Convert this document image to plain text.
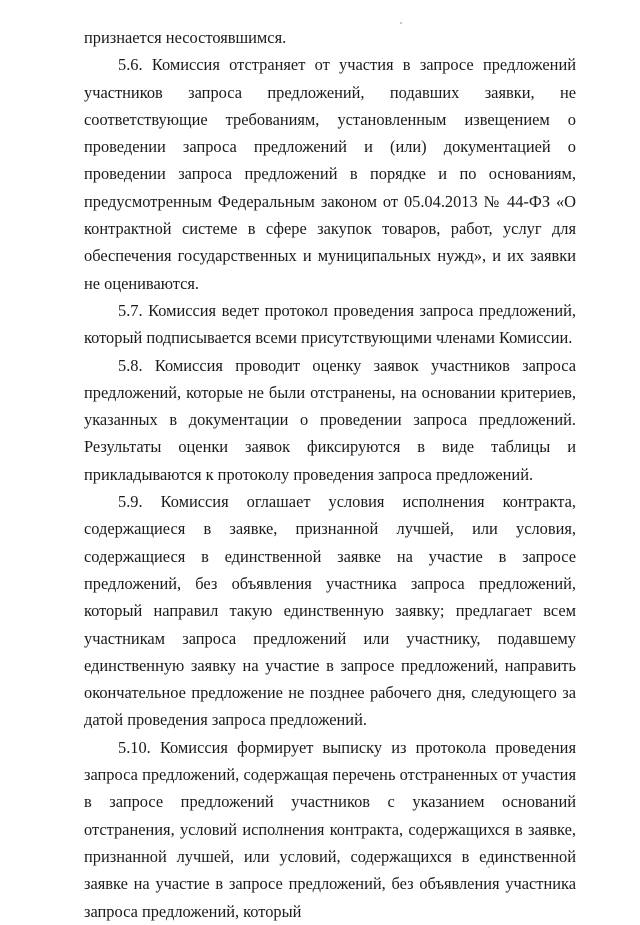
признается несостоявшимся.

5.6. Комиссия отстраняет от участия в запросе предложений участников запроса предложений, подавших заявки, не соответствующие требованиям, установленным извещением о проведении запроса предложений и (или) документацией о проведении запроса предложений в порядке и по основаниям, предусмотренным Федеральным законом от 05.04.2013 № 44-ФЗ «О контрактной системе в сфере закупок товаров, работ, услуг для обеспечения государственных и муниципальных нужд», и их заявки не оцениваются.

5.7. Комиссия ведет протокол проведения запроса предложений, который подписывается всеми присутствующими членами Комиссии.

5.8. Комиссия проводит оценку заявок участников запроса предложений, которые не были отстранены, на основании критериев, указанных в документации о проведении запроса предложений. Результаты оценки заявок фиксируются в виде таблицы и прикладываются к протоколу проведения запроса предложений.

5.9. Комиссия оглашает условия исполнения контракта, содержащиеся в заявке, признанной лучшей, или условия, содержащиеся в единственной заявке на участие в запросе предложений, без объявления участника запроса предложений, который направил такую единственную заявку; предлагает всем участникам запроса предложений или участнику, подавшему единственную заявку на участие в запросе предложений, направить окончательное предложение не позднее рабочего дня, следующего за датой проведения запроса предложений.

5.10. Комиссия формирует выписку из протокола проведения запроса предложений, содержащая перечень отстраненных от участия в запросе предложений участников с указанием оснований отстранения, условий исполнения контракта, содержащихся в заявке, признанной лучшей, или условий, содержащихся в единственной заявке на участие в запросе предложений, без объявления участника запроса предложений, который
